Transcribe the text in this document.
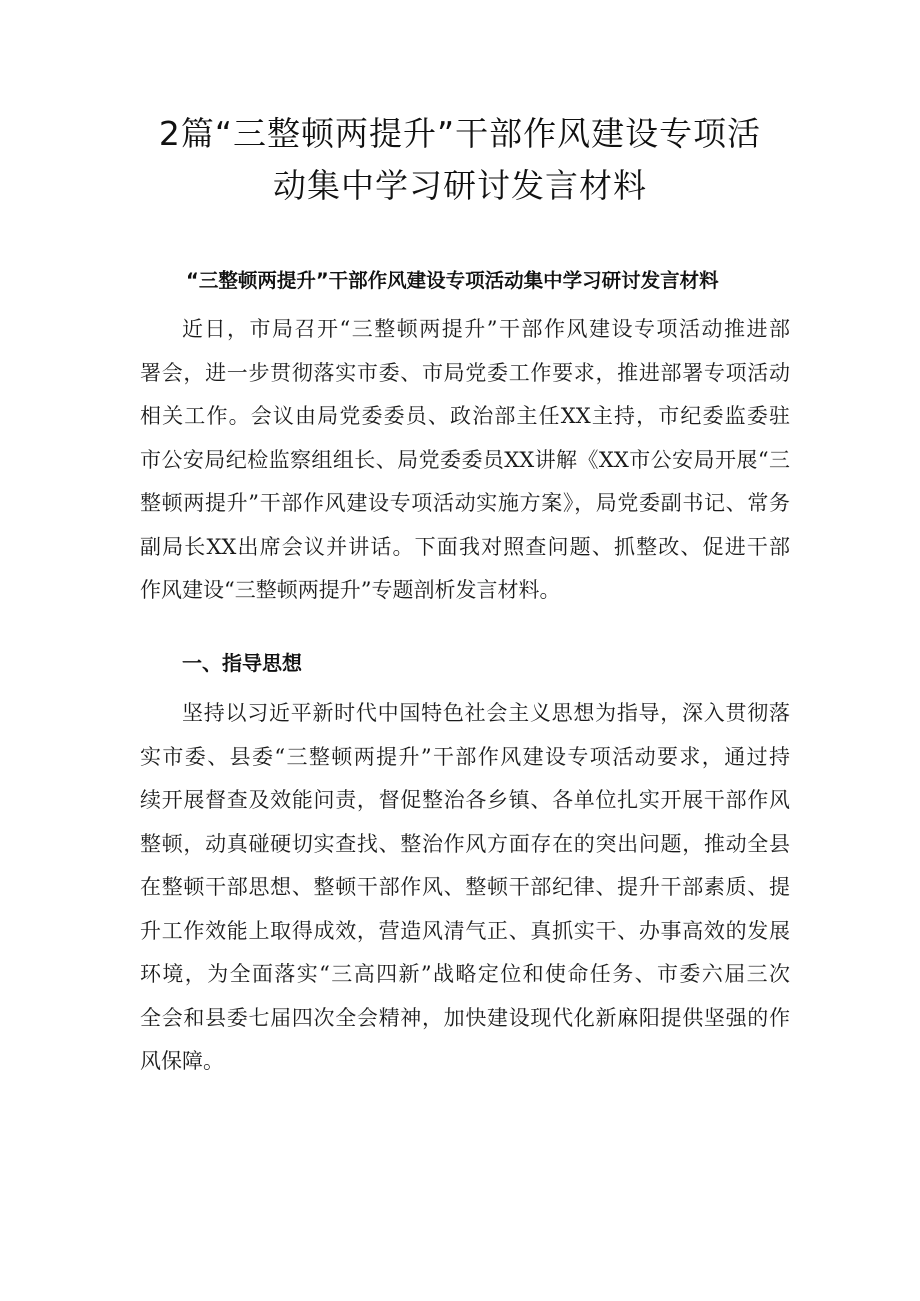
2篇“三整顿两提升”干部作风建设专项活
动集中学习研讨发言材料

“三整顿两提升”干部作风建设专项活动集中学习研讨发言材料

近日，市局召开“三整顿两提升”干部作风建设专项活动推进部
署会，进一步贯彻落实市委、市局党委工作要求，推进部署专项活动
相关工作。会议由局党委委员、政治部主任XX主持，市纪委监委驻
市公安局纪检监察组组长、局党委委员XX讲解《XX市公安局开展“三
整顿两提升”干部作风建设专项活动实施方案》，局党委副书记、常务
副局长XX出席会议并讲话。下面我对照查问题、抓整改、促进干部
作风建设“三整顿两提升”专题剖析发言材料。
一、指导思想
坚持以习近平新时代中国特色社会主义思想为指导，深入贯彻落
实市委、县委“三整顿两提升”干部作风建设专项活动要求，通过持
续开展督查及效能问责，督促整治各乡镇、各单位扎实开展干部作风
整顿，动真碰硬切实查找、整治作风方面存在的突出问题，推动全县
在整顿干部思想、整顿干部作风、整顿干部纪律、提升干部素质、提
升工作效能上取得成效，营造风清气正、真抓实干、办事高效的发展
环境，为全面落实“三高四新”战略定位和使命任务、市委六届三次
全会和县委七届四次全会精神，加快建设现代化新麻阳提供坚强的作
风保障。
